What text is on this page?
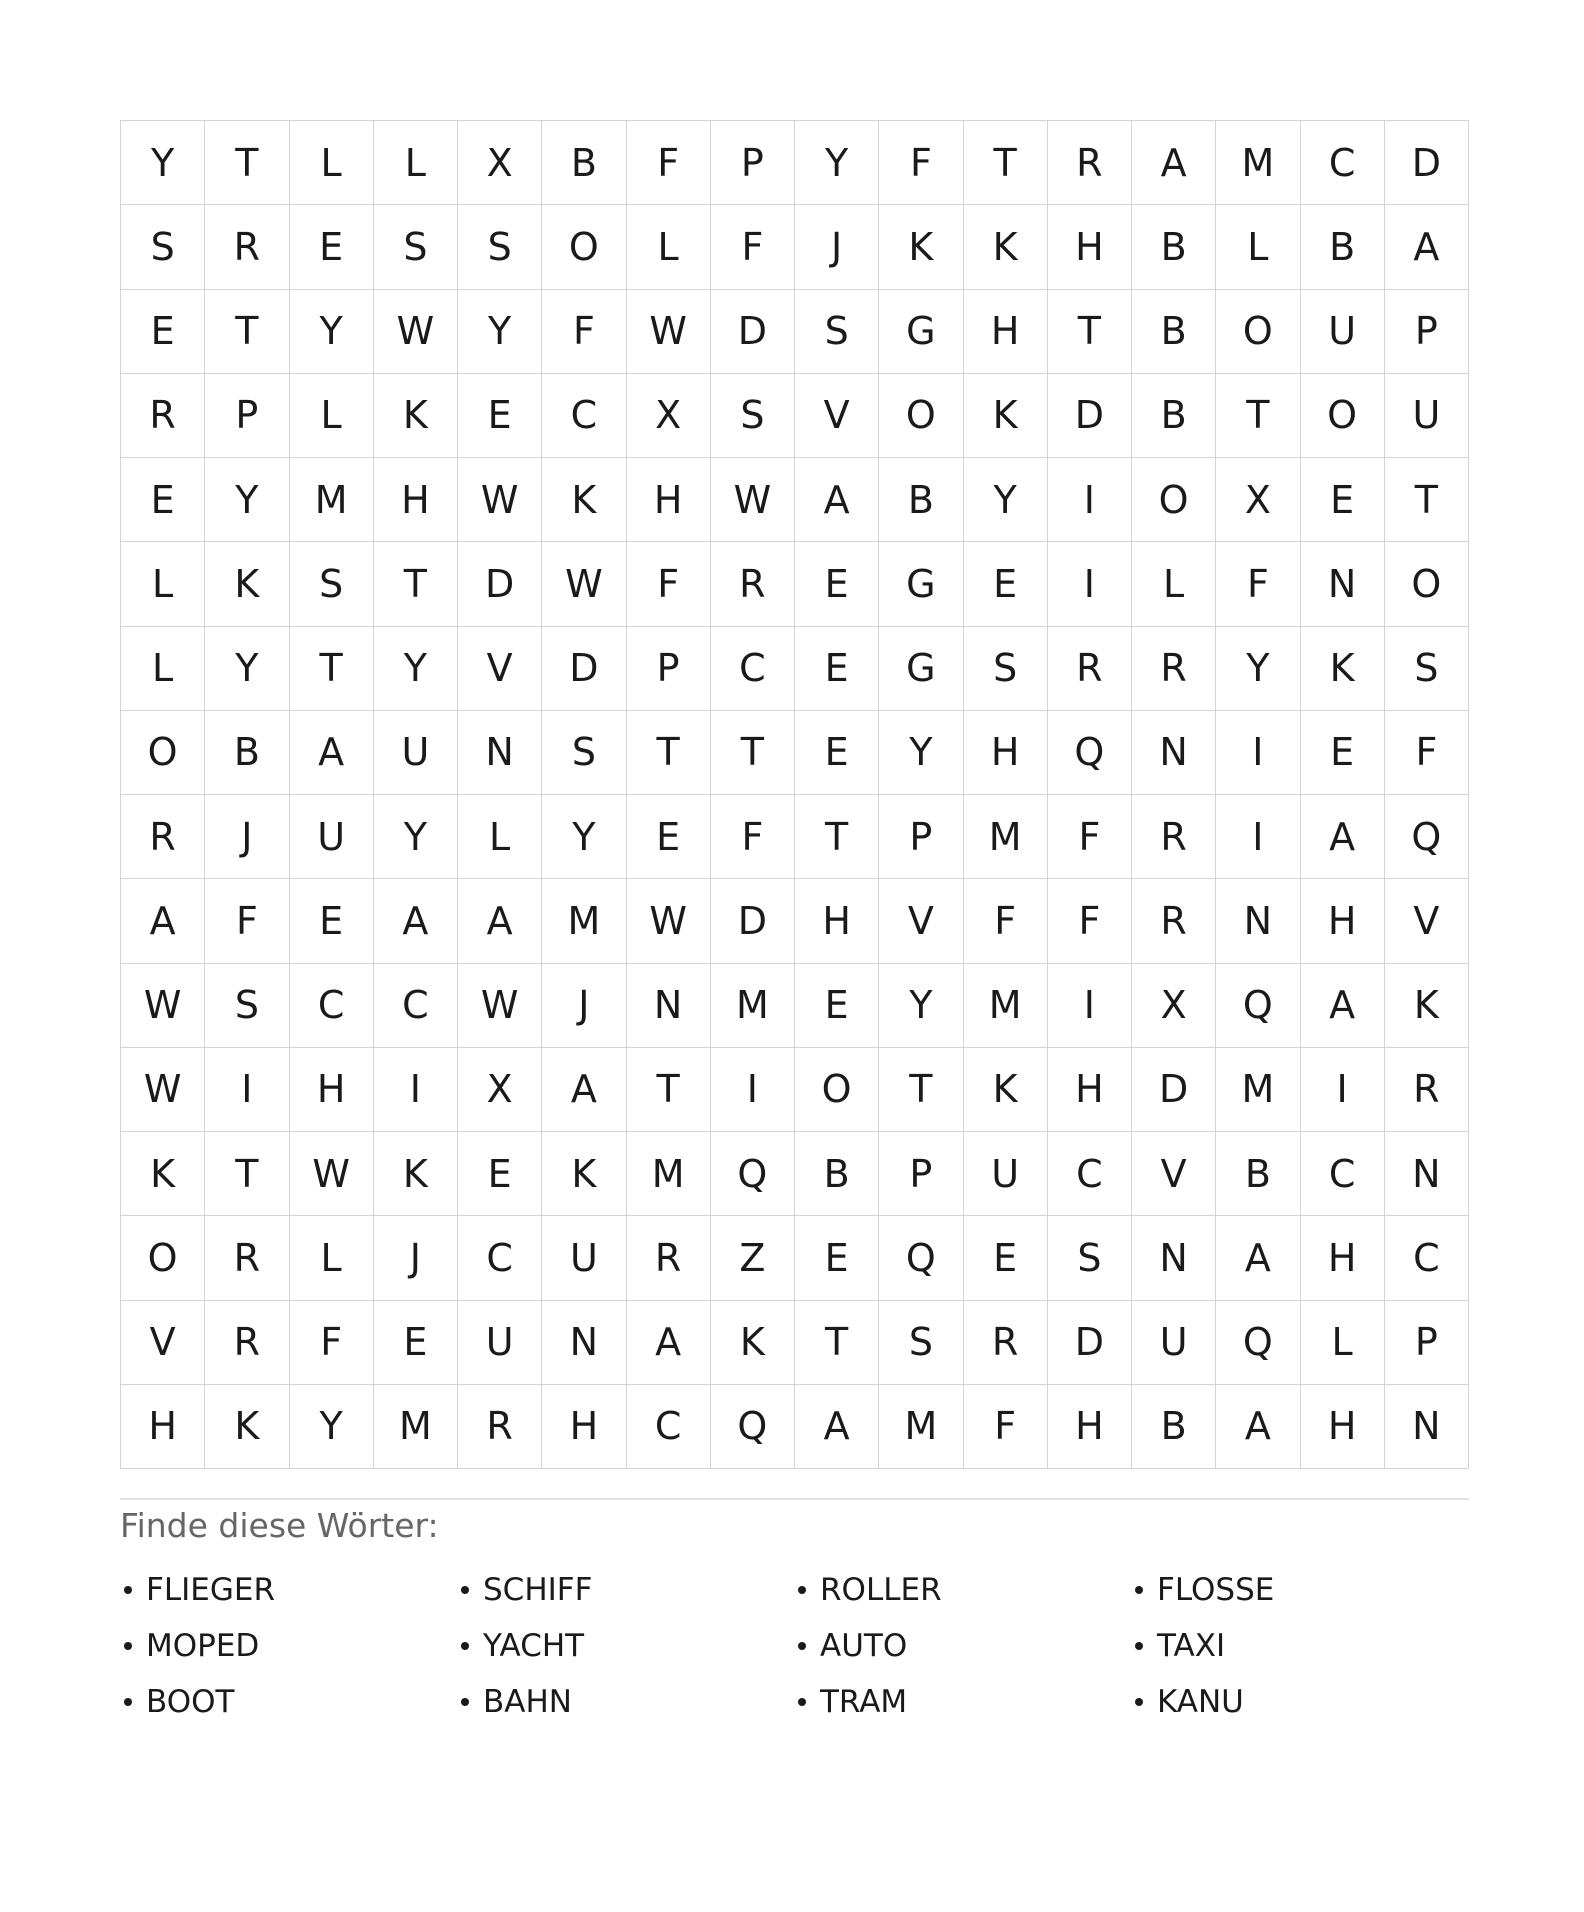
Y	T	L	L	X	B	F	P	Y	F	T	R	A	M	C	D
S	R	E	S	S	O	L	F	J	K	K	H	B	L	B	A
E	T	Y	W	Y	F	W	D	S	G	H	T	B	O	U	P
R	P	L	K	E	C	X	S	V	O	K	D	B	T	O	U
E	Y	M	H	W	K	H	W	A	B	Y	I	O	X	E	T
L	K	S	T	D	W	F	R	E	G	E	I	L	F	N	O
L	Y	T	Y	V	D	P	C	E	G	S	R	R	Y	K	S
O	B	A	U	N	S	T	T	E	Y	H	Q	N	I	E	F
R	J	U	Y	L	Y	E	F	T	P	M	F	R	I	A	Q
A	F	E	A	A	M	W	D	H	V	F	F	R	N	H	V
W	S	C	C	W	J	N	M	E	Y	M	I	X	Q	A	K
W	I	H	I	X	A	T	I	O	T	K	H	D	M	I	R
K	T	W	K	E	K	M	Q	B	P	U	C	V	B	C	N
O	R	L	J	C	U	R	Z	E	Q	E	S	N	A	H	C
V	R	F	E	U	N	A	K	T	S	R	D	U	Q	L	P
H	K	Y	M	R	H	C	Q	A	M	F	H	B	A	H	N
Finde diese Wörter:
FLIEGER	SCHIFF	ROLLER	FLOSSE
MOPED	YACHT	AUTO	TAXI
BOOT	BAHN	TRAM	KANU
